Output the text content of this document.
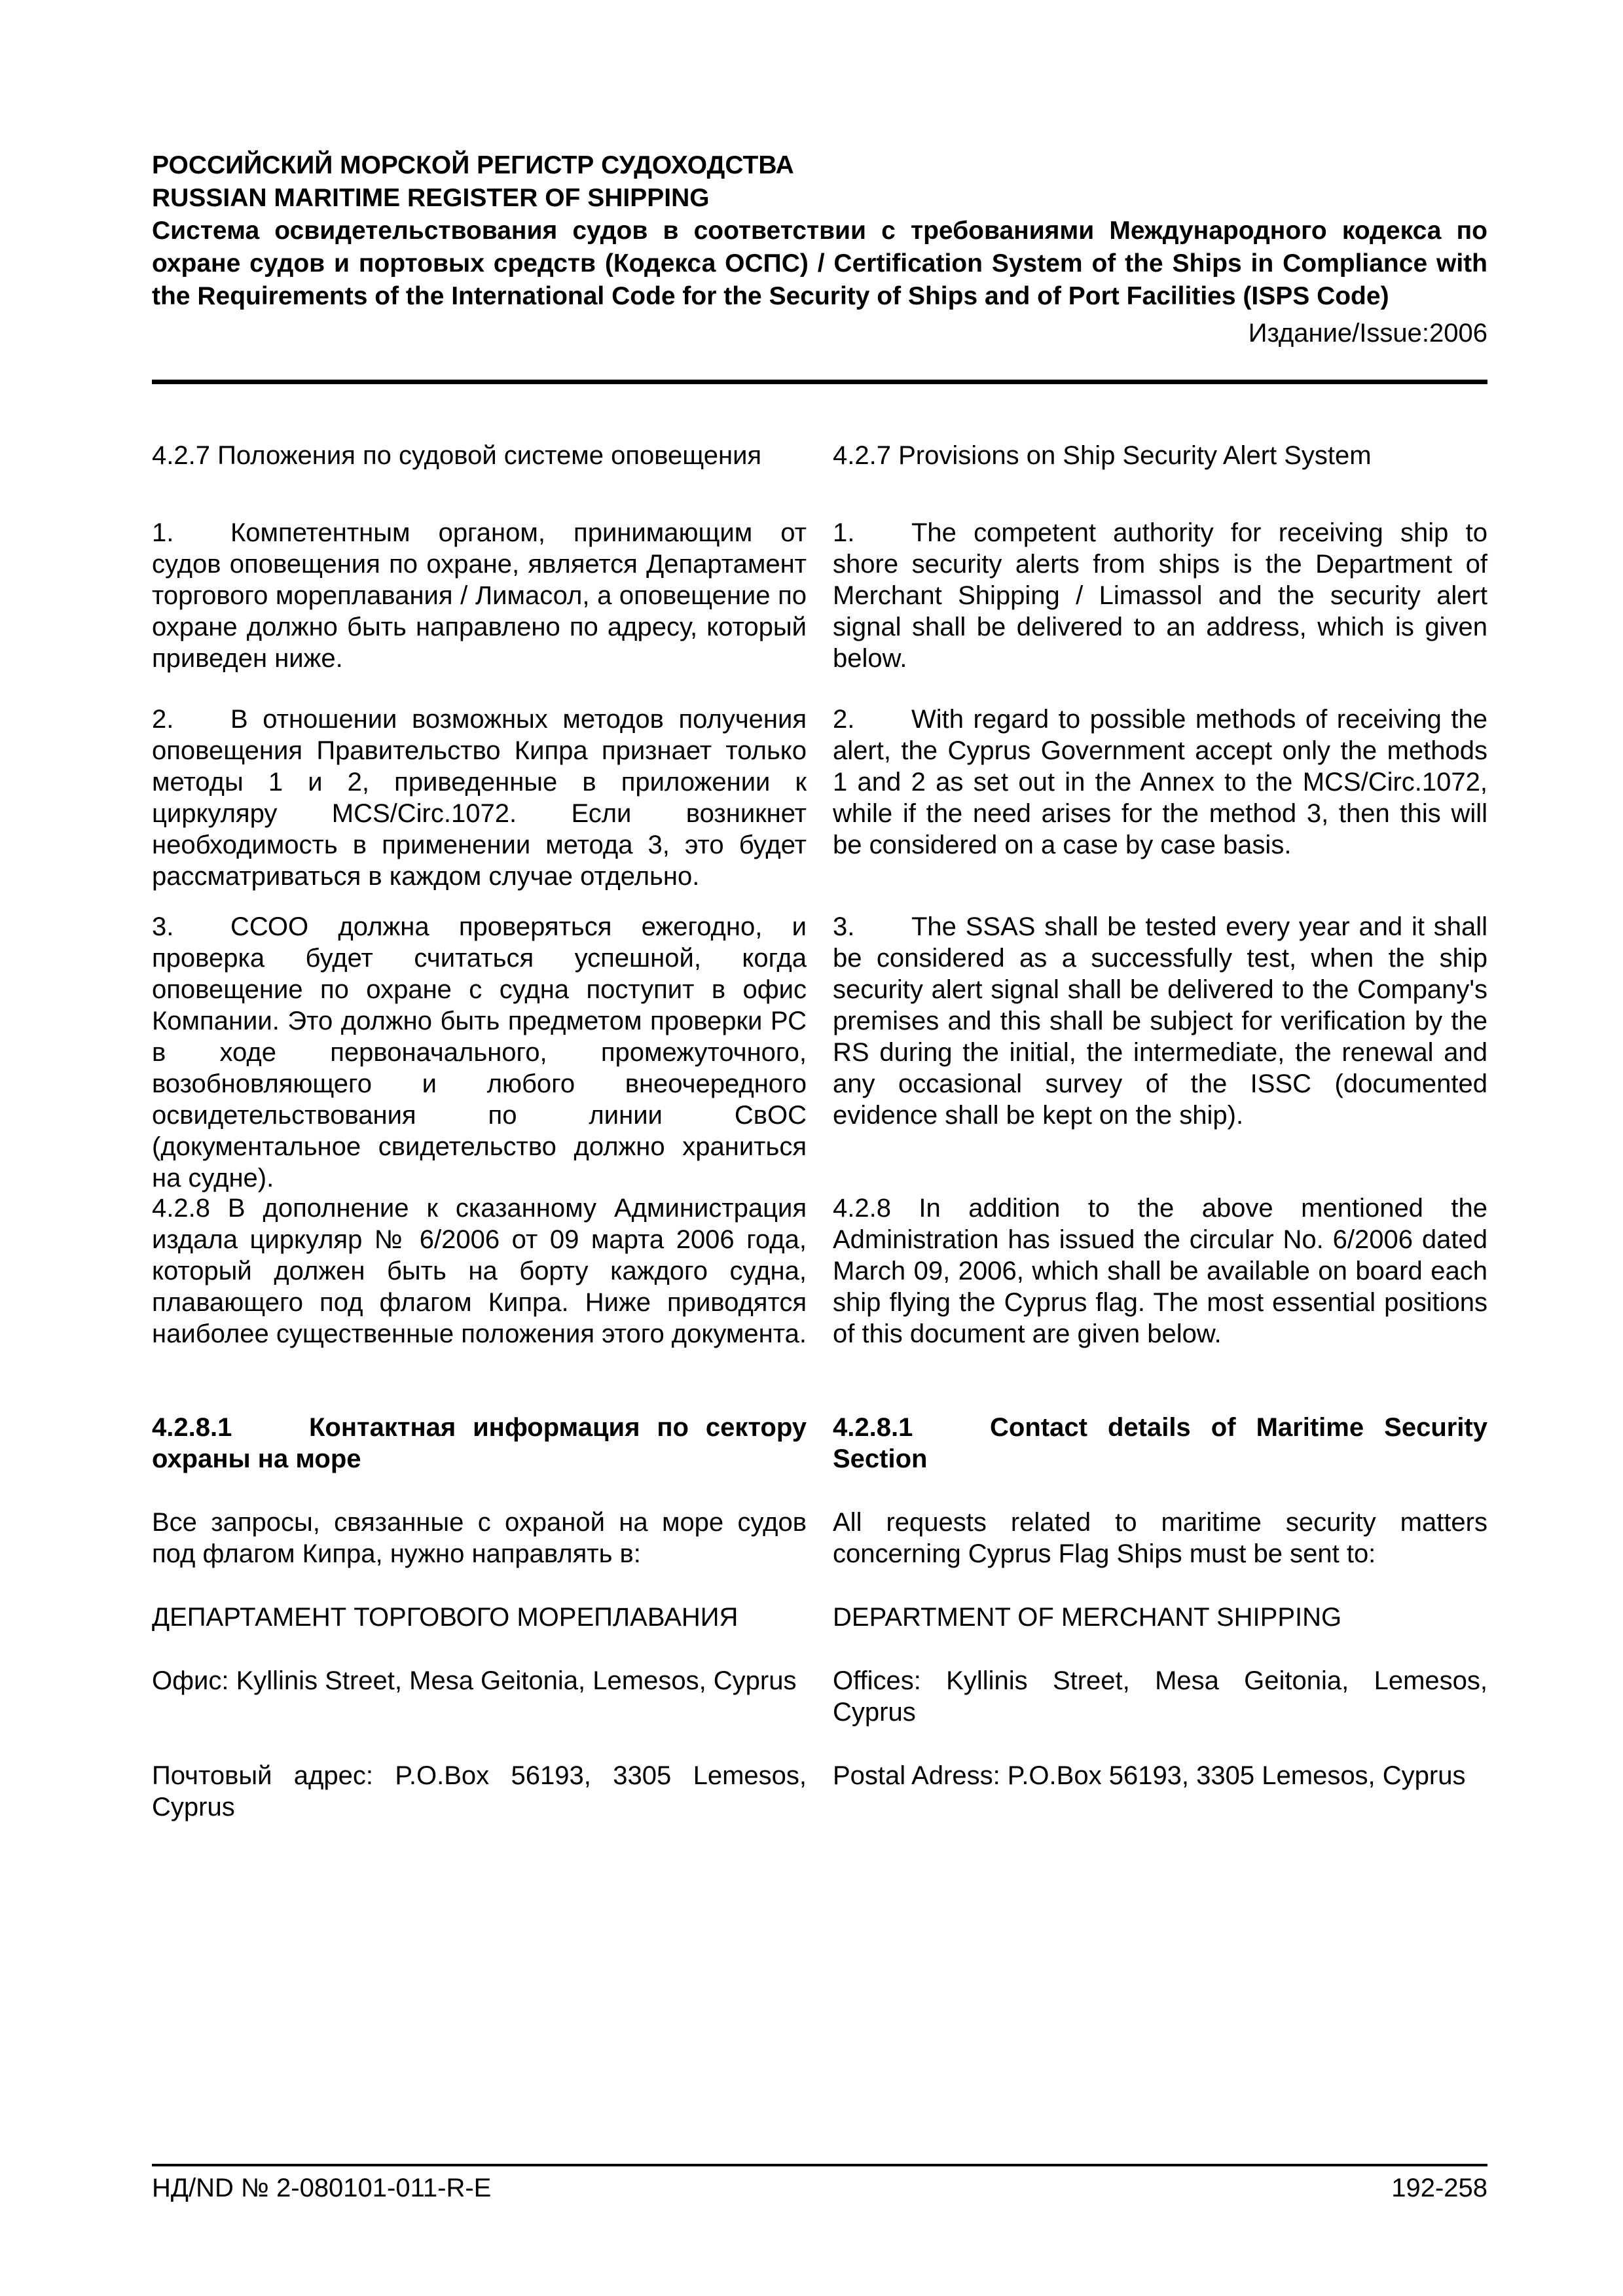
РОССИЙСКИЙ МОРСКОЙ РЕГИСТР СУДОХОДСТВА
RUSSIAN MARITIME REGISTER OF SHIPPING
Система освидетельствования судов в соответствии с требованиями Международного кодекса по охране судов и портовых средств (Кодекса ОСПС) / Certification System of the Ships in Compliance with the Requirements of the International Code for the Security of Ships and of Port Facilities (ISPS Code)
Издание/Issue:2006

4.2.7 Положения по судовой системе оповещения

1. Компетентным органом, принимающим от судов оповещения по охране, является Департамент торгового мореплавания / Лимасол, а оповещение по охране должно быть направлено по адресу, который приведен ниже.

2. В отношении возможных методов получения оповещения Правительство Кипра признает только методы 1 и 2, приведенные в приложении к циркуляру MCS/Circ.1072. Если возникнет необходимость в применении метода 3, это будет рассматриваться в каждом случае отдельно.

3. ССОО должна проверяться ежегодно, и проверка будет считаться успешной, когда оповещение по охране с судна поступит в офис Компании. Это должно быть предметом проверки РС в ходе первоначального, промежуточного, возобновляющего и любого внеочередного освидетельствования по линии СвОС (документальное свидетельство должно храниться на судне).

4.2.8 В дополнение к сказанному Администрация издала циркуляр № 6/2006 от 09 марта 2006 года, который должен быть на борту каждого судна, плавающего под флагом Кипра. Ниже приводятся наиболее существенные положения этого документа.

4.2.8.1	Контактная информация по сектору охраны на море

Все запросы, связанные с охраной на море судов под флагом Кипра, нужно направлять в:

ДЕПАРТАМЕНТ ТОРГОВОГО МОРЕПЛАВАНИЯ

Офис: Kyllinis Street, Mesa Geitonia, Lemesos, Cyprus

Почтовый адрес: P.O.Box 56193, 3305 Lemesos, Cyprus

4.2.7 Provisions on Ship Security Alert System

1. The competent authority for receiving ship to shore security alerts from ships is the Department of Merchant Shipping / Limassol and the security alert signal shall be delivered to an address, which is given below.

2. With regard to possible methods of receiving the alert, the Cyprus Government accept only the methods 1 and 2 as set out in the Annex to the MCS/Circ.1072, while if the need arises for the method 3, then this will be considered on a case by case basis.

3. The SSAS shall be tested every year and it shall be considered as a successfully test, when the ship security alert signal shall be delivered to the Company's premises and this shall be subject for verification by the RS during the initial, the intermediate, the renewal and any occasional survey of the ISSC (documented evidence shall be kept on the ship).

4.2.8 In addition to the above mentioned the Administration has issued the circular No. 6/2006 dated March 09, 2006, which shall be available on board each ship flying the Cyprus flag. The most essential positions of this document are given below.

4.2.8.1	Contact details of Maritime Security Section

All requests related to maritime security matters concerning Cyprus Flag Ships must be sent to:

DEPARTMENT OF MERCHANT SHIPPING

Offices: Kyllinis Street, Mesa Geitonia, Lemesos, Cyprus

Postal Adress: P.O.Box 56193, 3305 Lemesos, Cyprus

НД/ND № 2-080101-011-R-E	192-258
